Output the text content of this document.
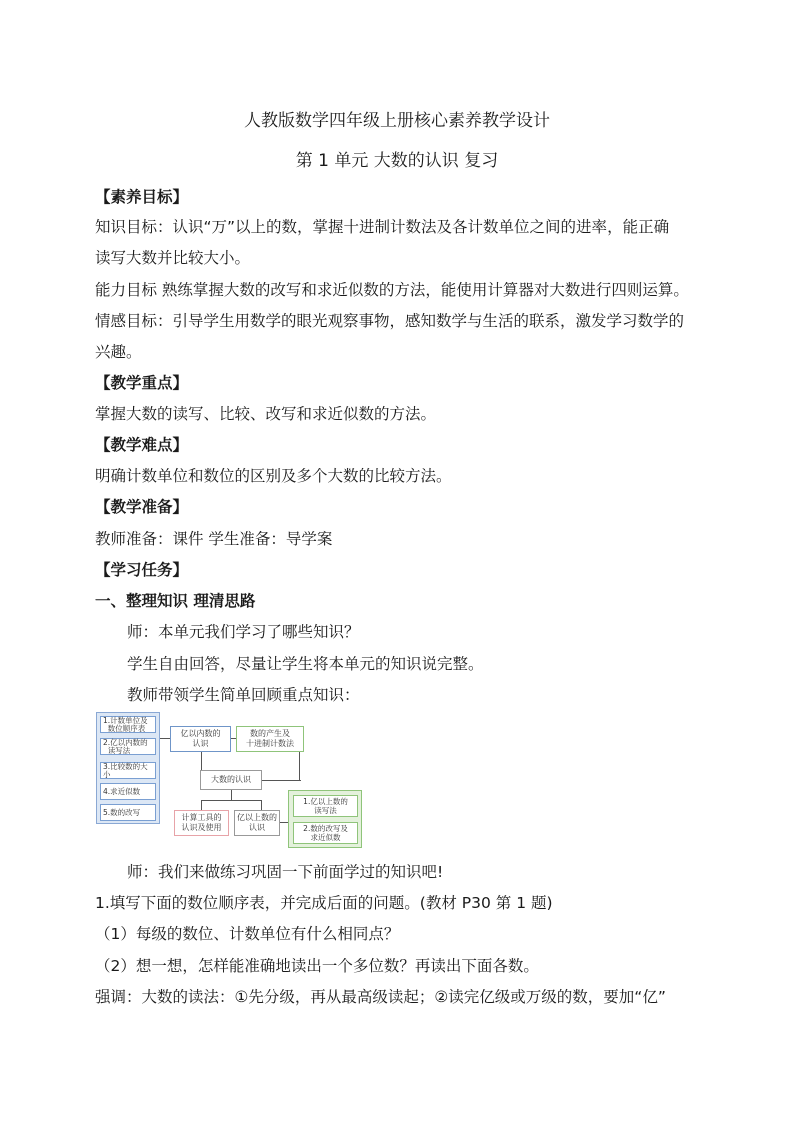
人教版数学四年级上册核心素养教学设计
第 1 单元 大数的认识 复习
【素养目标】
知识目标：认识“万”以上的数，掌握十进制计数法及各计数单位之间的进率，能正确
读写大数并比较大小。
能力目标 熟练掌握大数的改写和求近似数的方法，能使用计算器对大数进行四则运算。
情感目标：引导学生用数学的眼光观察事物，感知数学与生活的联系，激发学习数学的
兴趣。
【教学重点】
掌握大数的读写、比较、改写和求近似数的方法。
【教学难点】
明确计数单位和数位的区别及多个大数的比较方法。
【教学准备】
教师准备：课件 学生准备：导学案
【学习任务】
一、整理知识 理清思路
师：本单元我们学习了哪些知识？
学生自由回答，尽量让学生将本单元的知识说完整。
教师带领学生简单回顾重点知识：
1.计数单位及
数位顺序表
2.亿以内数的
读写法
3.比较数的大小
4.求近似数
5.数的改写
亿以内数的
认识
数的产生及
十进制计数法
大数的认识
计算工具的
认识及使用
亿以上数的
认识
1.亿以上数的
读写法
2.数的改写及
求近似数
师：我们来做练习巩固一下前面学过的知识吧!
1.填写下面的数位顺序表，并完成后面的问题。(教材 P30 第 1 题)
（1）每级的数位、计数单位有什么相同点？
（2）想一想，怎样能准确地读出一个多位数？再读出下面各数。
强调：大数的读法：①先分级，再从最高级读起；②读完亿级或万级的数，要加“亿”
